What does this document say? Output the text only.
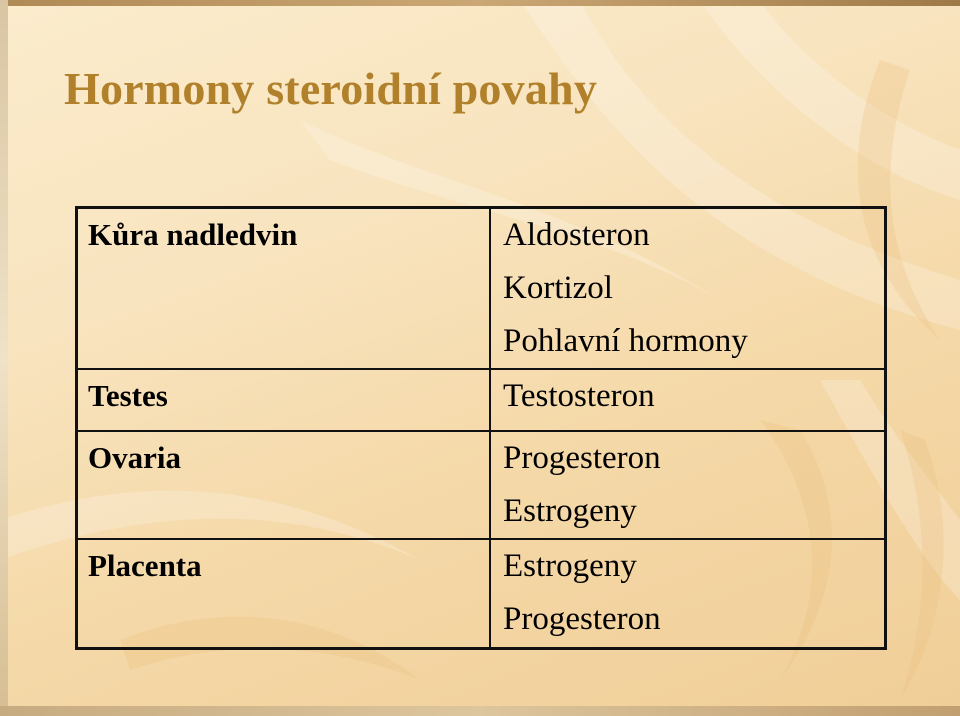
Hormony steroidní povahy
Kůra nadledvin	Aldosteron
Kortizol
Pohlavní hormony

Testes	Testosteron

Ovaria	Progesteron
Estrogeny

Placenta	Estrogeny
Progesteron
